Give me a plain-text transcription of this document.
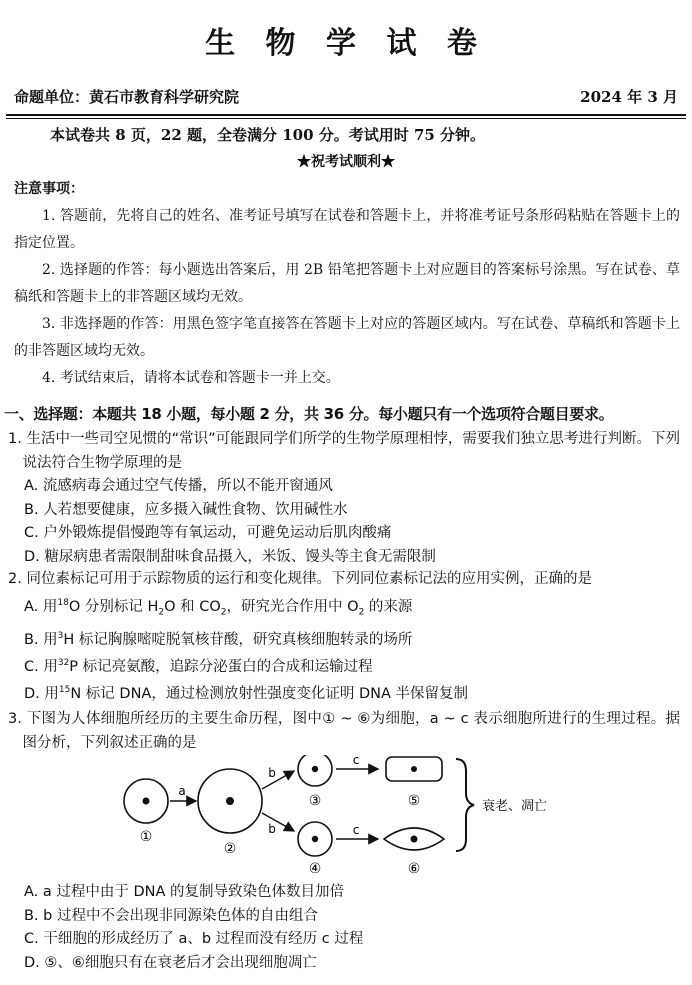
生 物 学 试 卷
命题单位：黄石市教育科学研究院	2024 年 3 月
本试卷共 8 页，22 题，全卷满分 100 分。考试用时 75 分钟。
★祝考试顺利★
注意事项：

1. 答题前，先将自己的姓名、准考证号填写在试卷和答题卡上，并将准考证号条形码粘贴在答题卡上的指定位置。

2. 选择题的作答：每小题选出答案后，用 2B 铅笔把答题卡上对应题目的答案标号涂黑。写在试卷、草稿纸和答题卡上的非答题区域均无效。

3. 非选择题的作答：用黑色签字笔直接答在答题卡上对应的答题区域内。写在试卷、草稿纸和答题卡上的非答题区域均无效。

4. 考试结束后，请将本试卷和答题卡一并上交。

一、选择题：本题共 18 小题，每小题 2 分，共 36 分。每小题只有一个选项符合题目要求。
1. 生活中一些司空见惯的“常识”可能跟同学们所学的生物学原理相悖，需要我们独立思考进行判断。下列说法符合生物学原理的是
A. 流感病毒会通过空气传播，所以不能开窗通风
B. 人若想要健康，应多摄入碱性食物、饮用碱性水
C. 户外锻炼提倡慢跑等有氧运动，可避免运动后肌肉酸痛
D. 糖尿病患者需限制甜味食品摄入，米饭、馒头等主食无需限制
2. 同位素标记可用于示踪物质的运行和变化规律。下列同位素标记法的应用实例，正确的是
A. 用$^{18}$O 分别标记 $H_2O$ 和 $CO_2$，研究光合作用中 $O_2$ 的来源
B. 用$^3$H 标记胸腺嘧啶脱氧核苷酸，研究真核细胞转录的场所
C. 用$^{32}$P 标记亮氨酸，追踪分泌蛋白的合成和运输过程
D. 用$^{15}$N 标记 DNA，通过检测放射性强度变化证明 DNA 半保留复制
3. 下图为人体细胞所经历的主要生命历程，图中① ~ ⑥为细胞，a ~ c 表示细胞所进行的生理过程。据图分析，下列叙述正确的是
①
a
②
b
b
③
④
c
c
⑤
⑥
衰老、凋亡
A. a 过程中由于 DNA 的复制导致染色体数目加倍
B. b 过程中不会出现非同源染色体的自由组合
C. 干细胞的形成经历了 a、b 过程而没有经历 c 过程
D. ⑤、⑥细胞只有在衰老后才会出现细胞凋亡
